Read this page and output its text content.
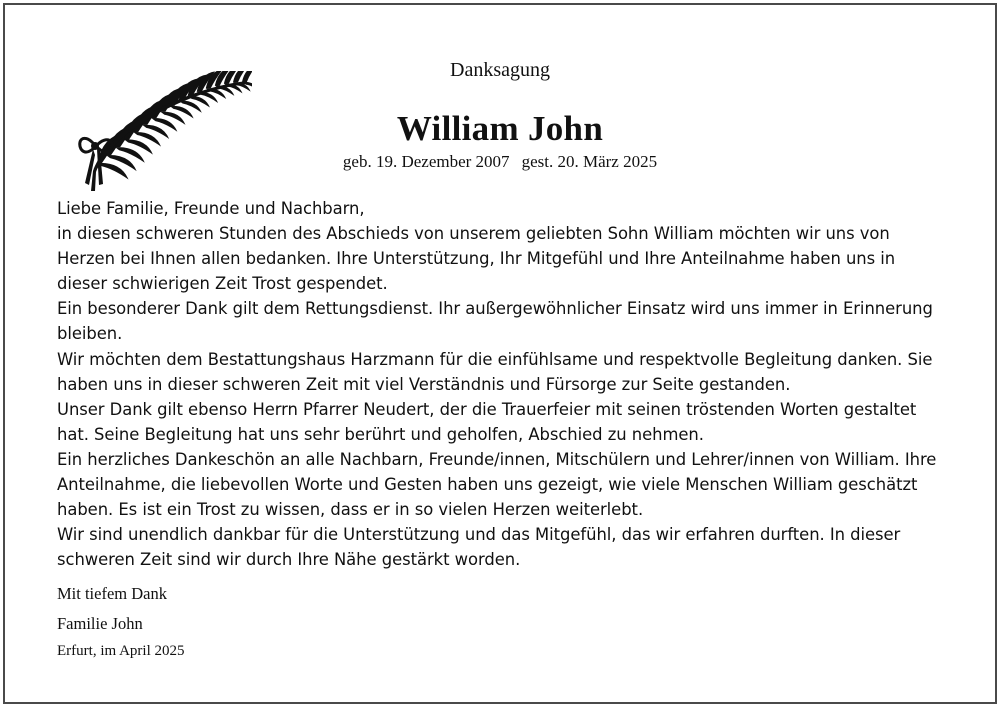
Danksagung
William John
geb. 19. Dezember 2007 gest. 20. März 2025

Liebe Familie, Freunde und Nachbarn,

in diesen schweren Stunden des Abschieds von unserem geliebten Sohn William möchten wir uns von Herzen bei Ihnen allen bedanken. Ihre Unterstützung, Ihr Mitgefühl und Ihre Anteilnahme haben uns in dieser schwierigen Zeit Trost gespendet.

Ein besonderer Dank gilt dem Rettungsdienst. Ihr außergewöhnlicher Einsatz wird uns immer in Erinnerung bleiben.

Wir möchten dem Bestattungshaus Harzmann für die einfühlsame und respektvolle Begleitung danken. Sie haben uns in dieser schweren Zeit mit viel Verständnis und Fürsorge zur Seite gestanden.

Unser Dank gilt ebenso Herrn Pfarrer Neudert, der die Trauerfeier mit seinen tröstenden Worten gestaltet hat. Seine Begleitung hat uns sehr berührt und geholfen, Abschied zu nehmen.

Ein herzliches Dankeschön an alle Nachbarn, Freunde/innen, Mitschülern und Lehrer/innen von William. Ihre Anteilnahme, die liebevollen Worte und Gesten haben uns gezeigt, wie viele Menschen William geschätzt haben. Es ist ein Trost zu wissen, dass er in so vielen Herzen weiterlebt.

Wir sind unendlich dankbar für die Unterstützung und das Mitgefühl, das wir erfahren durften. In dieser schweren Zeit sind wir durch Ihre Nähe gestärkt worden.

Mit tiefem Dank
Familie John
Erfurt, im April 2025
